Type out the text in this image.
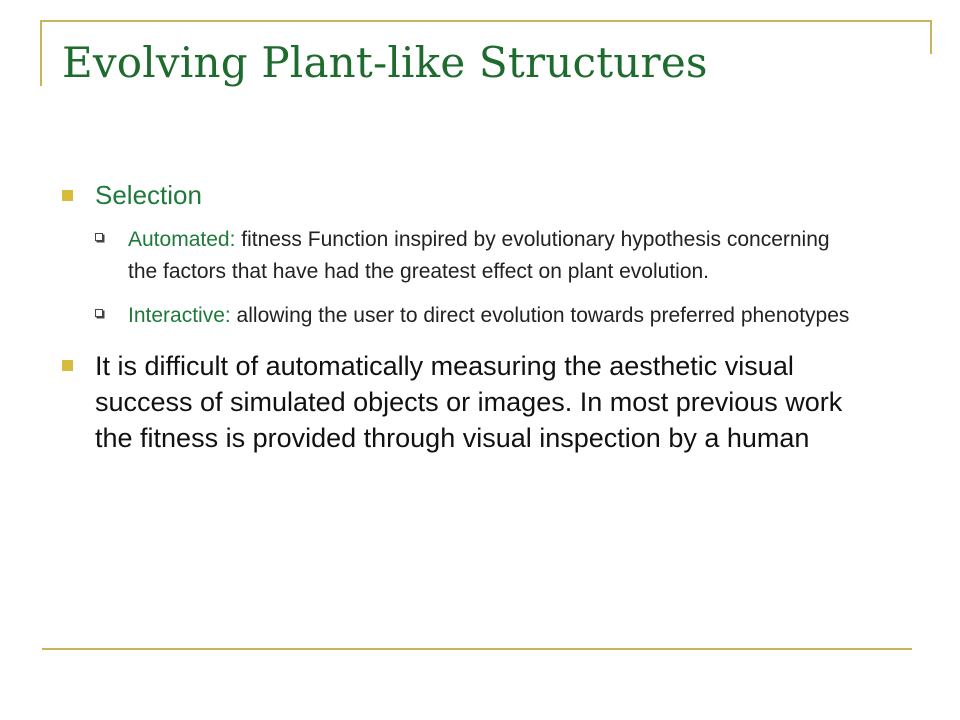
Evolving Plant-like Structures
Selection
Automated: fitness Function inspired by evolutionary hypothesis concerning the factors that have had the greatest effect on plant evolution.
Interactive: allowing the user to direct evolution towards preferred phenotypes
It is difficult of automatically measuring the aesthetic visual success of simulated objects or images. In most previous work the fitness is provided through visual inspection by a human
